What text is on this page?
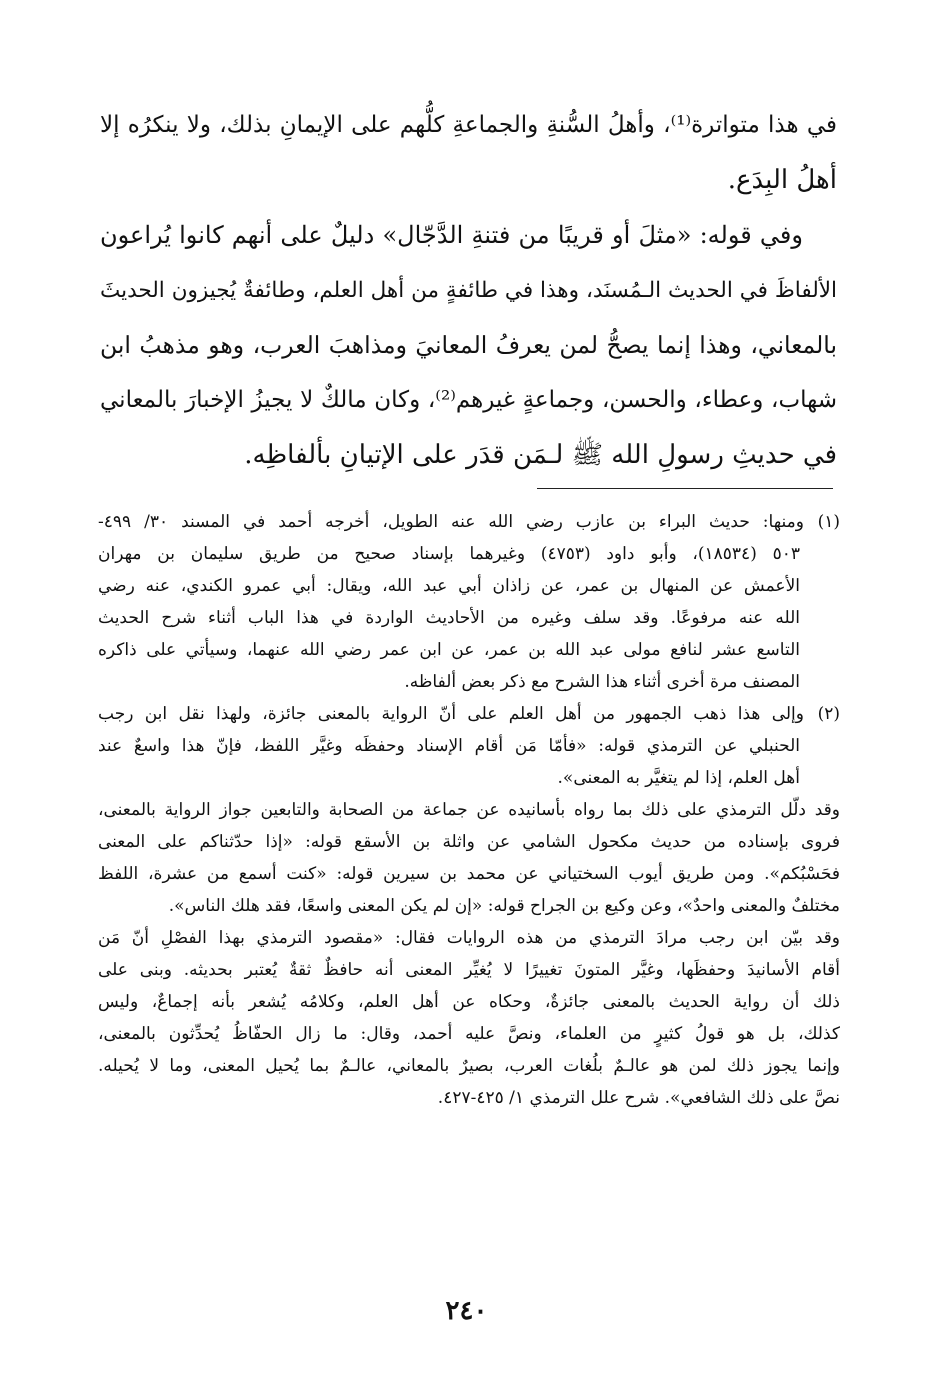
في هذا متواترة⁽¹⁾، وأهلُ السُّنةِ والجماعةِ كلُّهم على الإيمانِ بذلك، ولا ينكرُه إلا
أهلُ البِدَع.
وفي قوله: «مثلَ أو قريبًا من فتنةِ الدَّجّال» دليلٌ على أنهم كانوا يُراعون
الألفاظَ في الحديث الـمُسنَد، وهذا في طائفةٍ من أهل العلم، وطائفةٌ يُجيزون الحديثَ
بالمعاني، وهذا إنما يصحُّ لمن يعرفُ المعانيَ ومذاهبَ العرب، وهو مذهبُ ابن
شهاب، وعطاء، والحسن، وجماعةٍ غيرهم⁽²⁾، وكان مالكٌ لا يجيزُ الإخبارَ بالمعاني
في حديثِ رسولِ الله ﷺ لـمَن قدَر على الإتيانِ بألفاظِه.
(١)ومنها: حديث البراء بن عازب رضي الله عنه الطويل، أخرجه أحمد في المسند ٣٠/ ٤٩٩-
٥٠٣ (١٨٥٣٤)، وأبو داود (٤٧٥٣) وغيرهما بإسناد صحيح من طريق سليمان بن مهران
الأعمش عن المنهال بن عمر، عن زاذان أبي عبد الله، ويقال: أبي عمرو الكندي، عنه رضي
الله عنه مرفوعًا. وقد سلف وغيره من الأحاديث الواردة في هذا الباب أثناء شرح الحديث
التاسع عشر لنافع مولى عبد الله بن عمر، عن ابن عمر رضي الله عنهما، وسيأتي على ذاكره
المصنف مرة أخرى أثناء هذا الشرح مع ذكر بعض ألفاظه.
(٢)وإلى هذا ذهب الجمهور من أهل العلم على أنّ الرواية بالمعنى جائزة، ولهذا نقل ابن رجب
الحنبلي عن الترمذي قوله: «فأمّا مَن أقام الإسناد وحفظَه وغيَّر اللفظ، فإنّ هذا واسعٌ عند
أهل العلم، إذا لم يتغيَّر به المعنى».
وقد دلّل الترمذي على ذلك بما رواه بأسانيده عن جماعة من الصحابة والتابعين جواز الرواية بالمعنى،
فروى بإسناده من حديث مكحول الشامي عن واثلة بن الأسقع قوله: «إذا حدّثناكم على المعنى
فحَسْبُكم». ومن طريق أيوب السختياني عن محمد بن سيرين قوله: «كنت أسمع من عشرة، اللفظ
مختلفٌ والمعنى واحدٌ»، وعن وكيع بن الجراح قوله: «إن لم يكن المعنى واسعًا، فقد هلك الناس».
وقد بيّن ابن رجب مرادَ الترمذي من هذه الروايات فقال: «مقصود الترمذي بهذا الفصْلِ أنّ مَن
أقام الأسانيدَ وحفظَها، وغيَّر المتونَ تغييرًا لا يُغيِّر المعنى أنه حافظٌ ثقةٌ يُعتبر بحديثه. وبنى على
ذلك أن رواية الحديث بالمعنى جائزةٌ، وحكاه عن أهل العلم، وكلامُه يُشعر بأنه إجماعٌ، وليس
كذلك، بل هو قولُ كثيرٍ من العلماء، ونصَّ عليه أحمد، وقال: ما زال الحفّاظُ يُحدِّثون بالمعنى،
وإنما يجوز ذلك لمن هو عالـمٌ بلُغات العرب، بصيرٌ بالمعاني، عالـمٌ بما يُحيل المعنى، وما لا يُحيله.
نصَّ على ذلك الشافعي». شرح علل الترمذي ١/ ٤٢٥-٤٢٧.
٢٤٠
